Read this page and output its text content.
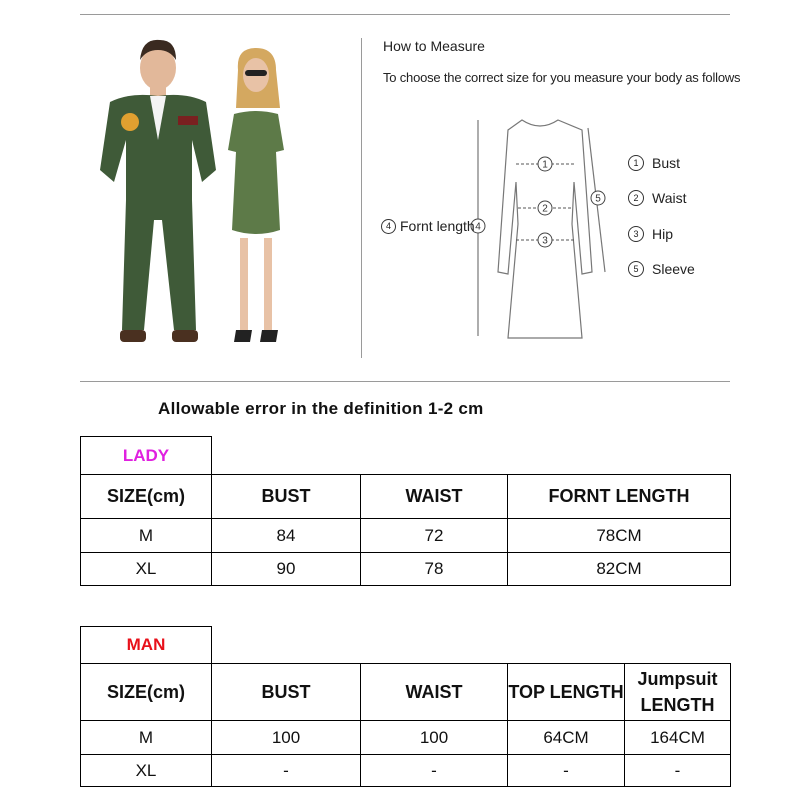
How to Measure
To choose the correct size for you measure your body as follows
1
2
3
4
5
1 Bust
2 Waist
3 Hip
5 Sleeve
4 Fornt length
Allowable error in the definition 1-2 cm
LADY			
SIZE(cm)	BUST	WAIST	FORNT LENGTH
M	84	72	78CM
XL	90	78	82CM
MAN				
SIZE(cm)	BUST	WAIST	TOP LENGTH	Jumpsuit LENGTH
M	100	100	64CM	164CM
XL	-	-	-	-
